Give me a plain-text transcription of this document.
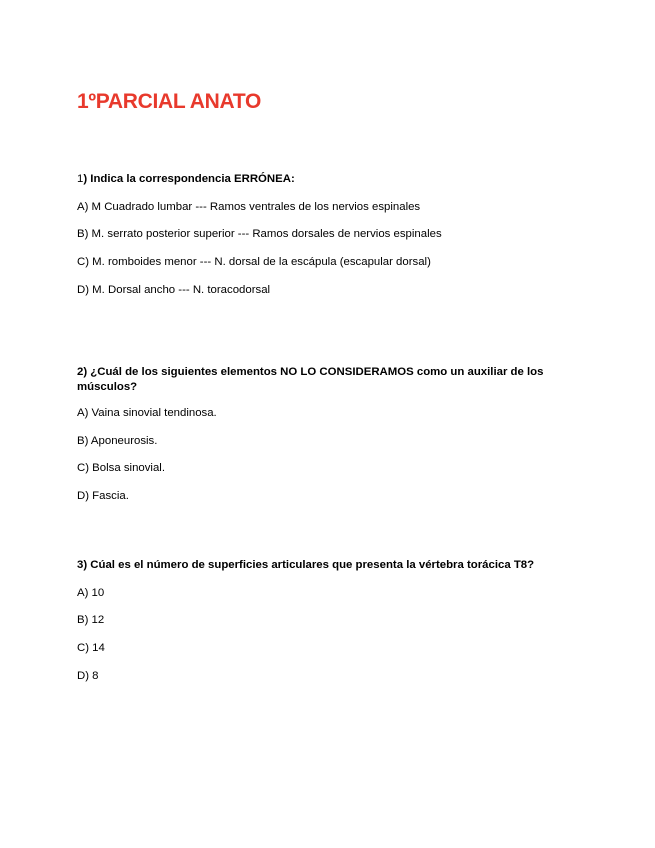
1ºPARCIAL ANATO
1) Indica la correspondencia ERRÓNEA:
A) M Cuadrado lumbar --- Ramos ventrales de los nervios espinales
B) M. serrato posterior superior --- Ramos dorsales de nervios espinales
C) M. romboides menor --- N. dorsal de la escápula (escapular dorsal)
D) M. Dorsal ancho --- N. toracodorsal
2) ¿Cuál de los siguientes elementos NO LO CONSIDERAMOS como un auxiliar de los músculos?
A) Vaina sinovial tendinosa.
B) Aponeurosis.
C) Bolsa sinovial.
D) Fascia.
3) Cúal es el número de superficies articulares que presenta la vértebra torácica T8?
A) 10
B) 12
C) 14
D) 8
